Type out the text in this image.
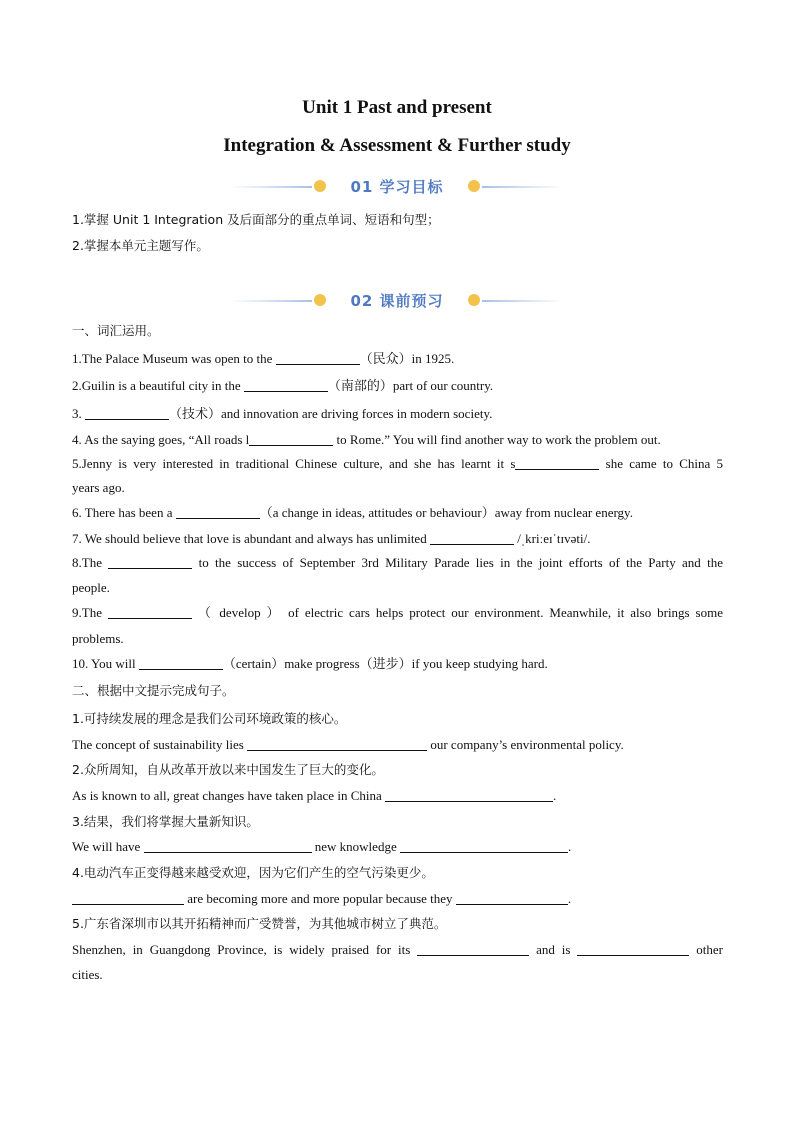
Unit 1 Past and present
Integration & Assessment & Further study
01 学习目标
1.掌握 Unit 1 Integration 及后面部分的重点单词、短语和句型；
2.掌握本单元主题写作。
02 课前预习
一、词汇运用。
1.The Palace Museum was open to the	（民众）in 1925.
2.Guilin is a beautiful city in the	（南部的）part of our country.
3.	（技术）and innovation are driving forces in modern society.
4. As the saying goes, “All roads l	to Rome.” You will find another way to work the problem out.
5.Jenny is very interested in traditional Chinese culture, and she has learnt it s	she came to China 5
years ago.
6. There has been a	（a change in ideas, attitudes or behaviour）away from nuclear energy.
7. We should believe that love is abundant and always has unlimited	/ˌkriːeɪˈtɪvəti/.
8.The	to the success of September 3rd Military Parade lies in the joint efforts of the Party and the
people.
9.The	（ develop ） of electric cars helps protect our environment. Meanwhile, it also brings some
problems.
10. You will	（certain）make progress（进步）if you keep studying hard.
二、根据中文提示完成句子。
1.可持续发展的理念是我们公司环境政策的核心。
The concept of sustainability lies	our company’s environmental policy.
2.众所周知，自从改革开放以来中国发生了巨大的变化。
As is known to all, great changes have taken place in China	.
3.结果，我们将掌握大量新知识。
We will have	new knowledge	.
4.电动汽车正变得越来越受欢迎，因为它们产生的空气污染更少。
are becoming more and more popular because they	.
5.广东省深圳市以其开拓精神而广受赞誉，为其他城市树立了典范。
Shenzhen, in Guangdong Province, is widely praised for its	and is	other
cities.
